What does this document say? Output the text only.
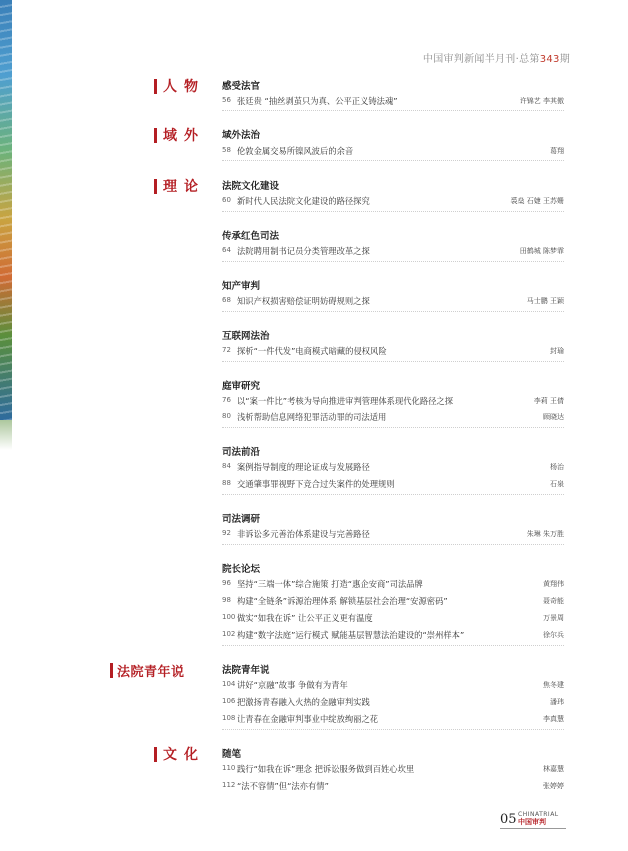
中国审判新闻半月刊·总第343期
人物 感受法官
56 张廷贵 “抽丝剥茧只为真、公平正义铸法魂”	许锦艺 李其傲
域外 域外法治
58 伦敦金属交易所镍风波后的余音	葛翔
理论 法院文化建设
60 新时代人民法院文化建设的路径探究	裘燊 石婕 王苏姗
传承红色司法
64 法院聘用制书记员分类管理改革之探	田鹤城 陈梦霏
知产审判
68 知识产权损害赔偿证明妨碍规则之探	马士鹏 王颖
互联网法治
72 探析“一件代发”电商模式暗藏的侵权风险	封瑜
庭审研究
76 以“案一件比”考核为导向推进审判管理体系现代化路径之探	李莉 王倩
80 浅析帮助信息网络犯罪活动罪的司法适用	顾晓达
司法前沿
84 案例指导制度的理论证成与发展路径	杨治
88 交通肇事罪视野下竞合过失案件的处理规则	石泉
司法调研
92 非诉讼多元善治体系建设与完善路径	朱琳 朱万胜
院长论坛
96 坚持“三端一体”综合施策 打造“惠企安商”司法品牌	黄翔伟
98 构建“全链条”诉源治理体系 解锁基层社会治理“安源密码”	聂奇能
100 做实“如我在诉” 让公平正义更有温度	万景周
102 构建“数字法庭”运行模式 赋能基层智慧法治建设的“崇州样本”	徐尔兵
法院青年说	法院青年说
104 讲好“京融”故事 争做有为青年	焦冬建
106 把激扬青春融入火热的金融审判实践	潘玮
108 让青春在金融审判事业中绽放绚丽之花	李真慧
文化 随笔
110 践行“如我在诉”理念 把诉讼服务做到百姓心坎里	林嘉慧
112 “法不容情”但“法亦有情”	张婷婷
05 CHINATRIAL
中国审判
